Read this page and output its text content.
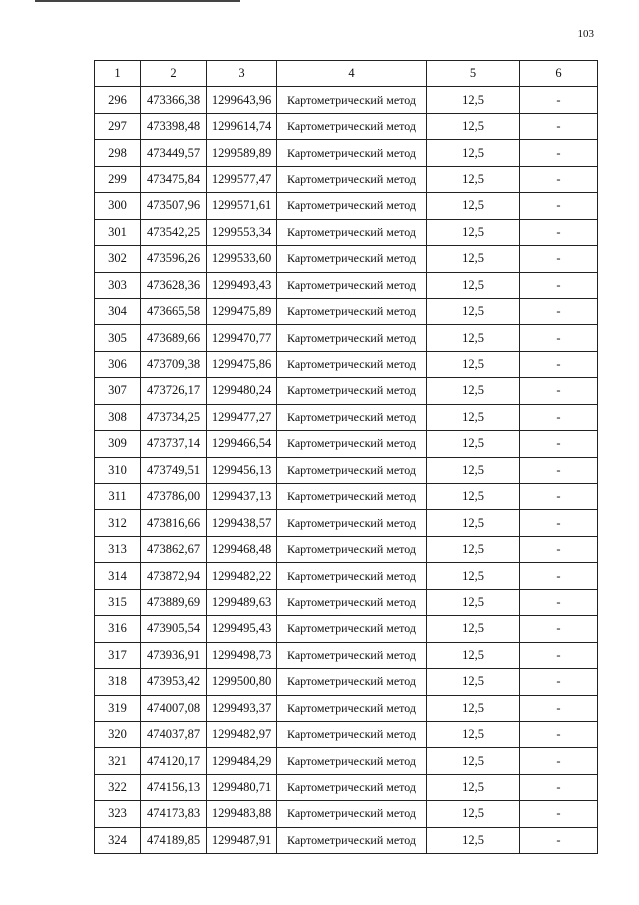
103
1	2	3	4	5	6
296	473366,38	1299643,96	Картометрический метод	12,5	-
297	473398,48	1299614,74	Картометрический метод	12,5	-
298	473449,57	1299589,89	Картометрический метод	12,5	-
299	473475,84	1299577,47	Картометрический метод	12,5	-
300	473507,96	1299571,61	Картометрический метод	12,5	-
301	473542,25	1299553,34	Картометрический метод	12,5	-
302	473596,26	1299533,60	Картометрический метод	12,5	-
303	473628,36	1299493,43	Картометрический метод	12,5	-
304	473665,58	1299475,89	Картометрический метод	12,5	-
305	473689,66	1299470,77	Картометрический метод	12,5	-
306	473709,38	1299475,86	Картометрический метод	12,5	-
307	473726,17	1299480,24	Картометрический метод	12,5	-
308	473734,25	1299477,27	Картометрический метод	12,5	-
309	473737,14	1299466,54	Картометрический метод	12,5	-
310	473749,51	1299456,13	Картометрический метод	12,5	-
311	473786,00	1299437,13	Картометрический метод	12,5	-
312	473816,66	1299438,57	Картометрический метод	12,5	-
313	473862,67	1299468,48	Картометрический метод	12,5	-
314	473872,94	1299482,22	Картометрический метод	12,5	-
315	473889,69	1299489,63	Картометрический метод	12,5	-
316	473905,54	1299495,43	Картометрический метод	12,5	-
317	473936,91	1299498,73	Картометрический метод	12,5	-
318	473953,42	1299500,80	Картометрический метод	12,5	-
319	474007,08	1299493,37	Картометрический метод	12,5	-
320	474037,87	1299482,97	Картометрический метод	12,5	-
321	474120,17	1299484,29	Картометрический метод	12,5	-
322	474156,13	1299480,71	Картометрический метод	12,5	-
323	474173,83	1299483,88	Картометрический метод	12,5	-
324	474189,85	1299487,91	Картометрический метод	12,5	-
